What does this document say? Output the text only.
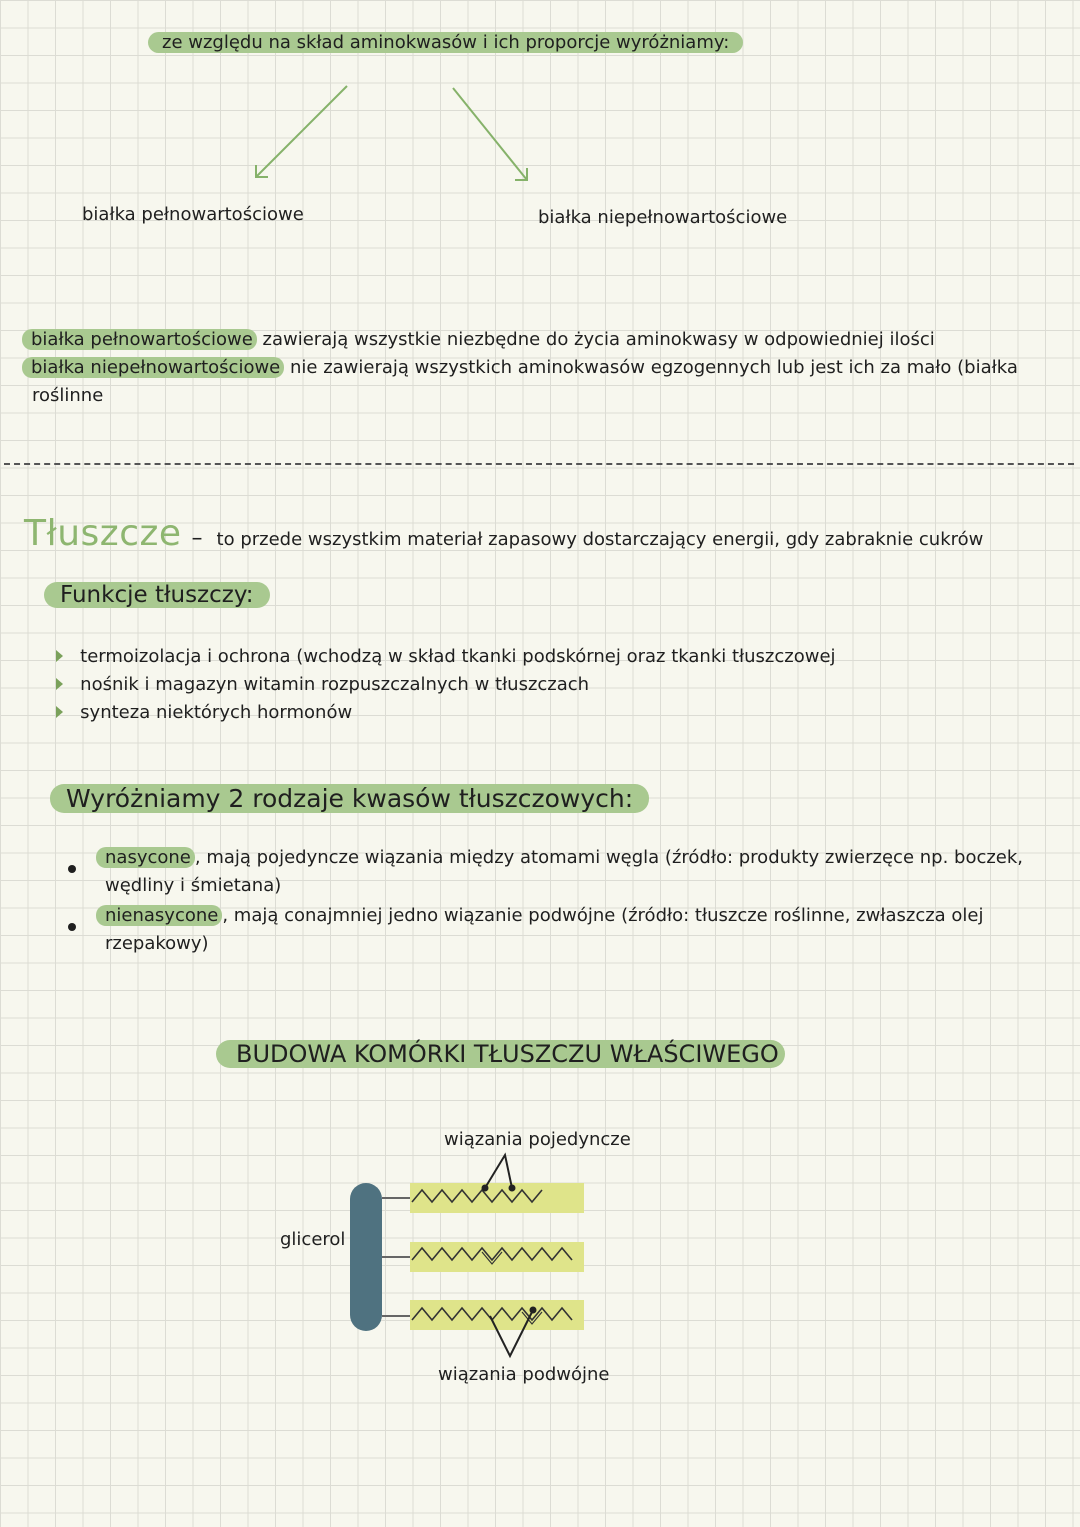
ze względu na skład aminokwasów i ich proporcje wyróżniamy:
białka pełnowartościowe	białka niepełnowartościowe
białka pełnowartościowe zawierają wszystkie niezbędne do życia aminokwasy w odpowiedniej ilości
białka niepełnowartościowe nie zawierają wszystkich aminokwasów egzogennych lub jest ich za mało (białka
roślinne
Tłuszcze – to przede wszystkim materiał zapasowy dostarczający energii, gdy zabraknie cukrów
Funkcje tłuszczy:
termoizolacja i ochrona (wchodzą w skład tkanki podskórnej oraz tkanki tłuszczowej
nośnik i magazyn witamin rozpuszczalnych w tłuszczach
synteza niektórych hormonów
Wyróżniamy 2 rodzaje kwasów tłuszczowych:
nasycone , mają pojedyncze wiązania między atomami węgla (źródło: produkty zwierzęce np. boczek,
wędliny i śmietana)
nienasycone , mają conajmniej jedno wiązanie podwójne (źródło: tłuszcze roślinne, zwłaszcza olej
rzepakowy)
BUDOWA KOMÓRKI TŁUSZCZU WŁAŚCIWEGO
wiązania pojedyncze
glicerol
wiązania podwójne
